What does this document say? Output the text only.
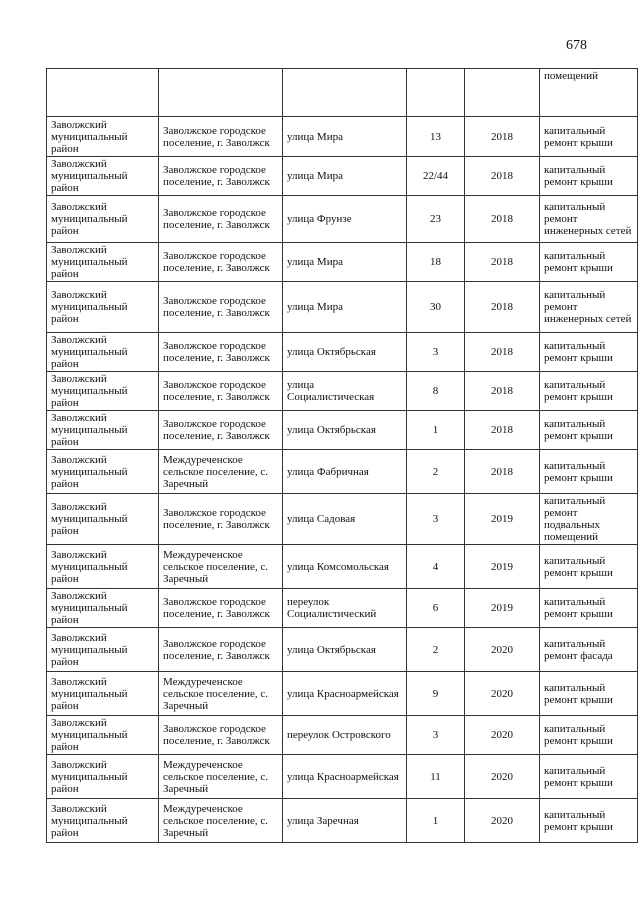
678
					помещений
Заволжский муниципальный район	Заволжское городское поселение, г. Заволжск	улица Мира	13	2018	капитальный ремонт крыши
Заволжский муниципальный район	Заволжское городское поселение, г. Заволжск	улица Мира	22/44	2018	капитальный ремонт крыши
Заволжский муниципальный район	Заволжское городское поселение, г. Заволжск	улица Фрунзе	23	2018	капитальный ремонт инженерных сетей
Заволжский муниципальный район	Заволжское городское поселение, г. Заволжск	улица Мира	18	2018	капитальный ремонт крыши
Заволжский муниципальный район	Заволжское городское поселение, г. Заволжск	улица Мира	30	2018	капитальный ремонт инженерных сетей
Заволжский муниципальный район	Заволжское городское поселение, г. Заволжск	улица Октябрьская	3	2018	капитальный ремонт крыши
Заволжский муниципальный район	Заволжское городское поселение, г. Заволжск	улица Социалистическая	8	2018	капитальный ремонт крыши
Заволжский муниципальный район	Заволжское городское поселение, г. Заволжск	улица Октябрьская	1	2018	капитальный ремонт крыши
Заволжский муниципальный район	Междуреченское сельское поселение, с. Заречный	улица Фабричная	2	2018	капитальный ремонт крыши
Заволжский муниципальный район	Заволжское городское поселение, г. Заволжск	улица Садовая	3	2019	капитальный ремонт подвальных помещений
Заволжский муниципальный район	Междуреченское сельское поселение, с. Заречный	улица Комсомольская	4	2019	капитальный ремонт крыши
Заволжский муниципальный район	Заволжское городское поселение, г. Заволжск	переулок Социалистический	6	2019	капитальный ремонт крыши
Заволжский муниципальный район	Заволжское городское поселение, г. Заволжск	улица Октябрьская	2	2020	капитальный ремонт фасада
Заволжский муниципальный район	Междуреченское сельское поселение, с. Заречный	улица Красноармейская	9	2020	капитальный ремонт крыши
Заволжский муниципальный район	Заволжское городское поселение, г. Заволжск	переулок Островского	3	2020	капитальный ремонт крыши
Заволжский муниципальный район	Междуреченское сельское поселение, с. Заречный	улица Красноармейская	11	2020	капитальный ремонт крыши
Заволжский муниципальный район	Междуреченское сельское поселение, с. Заречный	улица Заречная	1	2020	капитальный ремонт крыши
